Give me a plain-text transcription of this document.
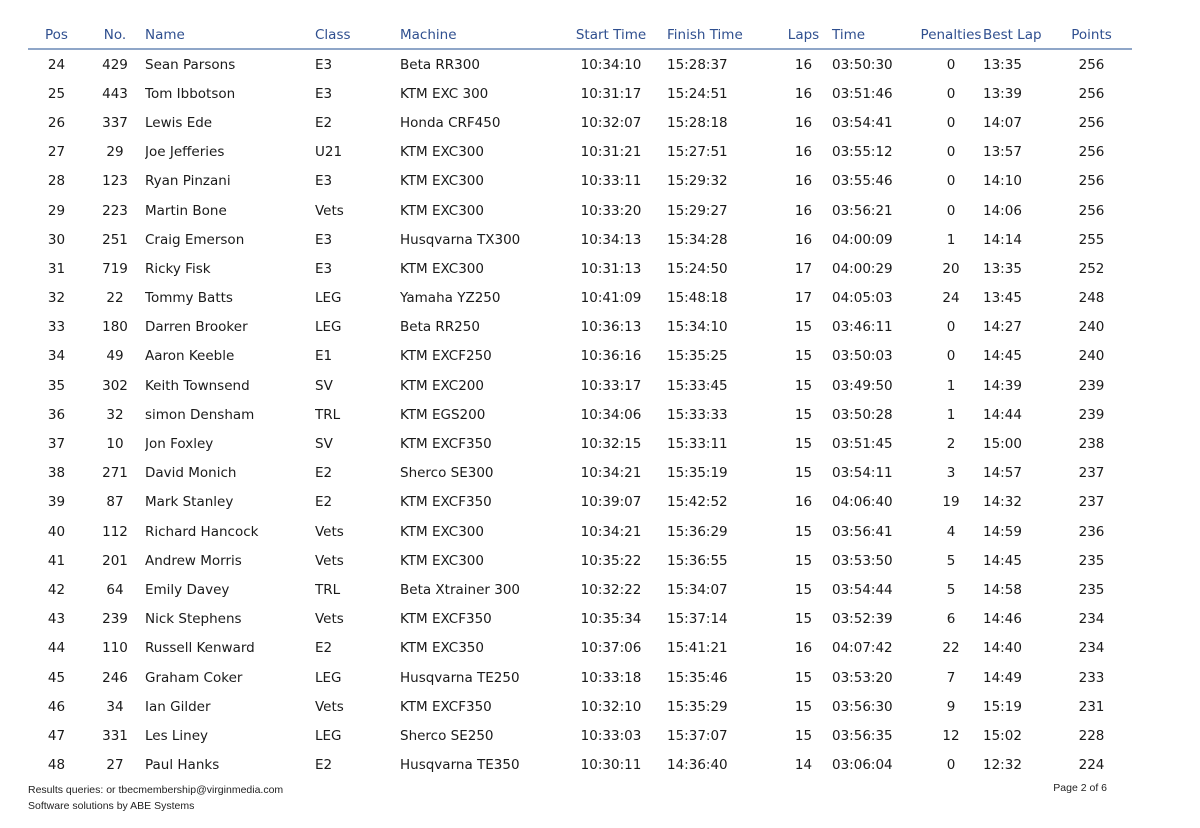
Pos	No.	Name	Class	Machine	Start Time	Finish Time	Laps	Time	Penalties	Best Lap	Points
24	429	Sean Parsons	E3	Beta RR300	10:34:10	15:28:37	16	03:50:30	0	13:35	256
25	443	Tom Ibbotson	E3	KTM EXC 300	10:31:17	15:24:51	16	03:51:46	0	13:39	256
26	337	Lewis Ede	E2	Honda CRF450	10:32:07	15:28:18	16	03:54:41	0	14:07	256
27	29	Joe Jefferies	U21	KTM EXC300	10:31:21	15:27:51	16	03:55:12	0	13:57	256
28	123	Ryan Pinzani	E3	KTM EXC300	10:33:11	15:29:32	16	03:55:46	0	14:10	256
29	223	Martin Bone	Vets	KTM EXC300	10:33:20	15:29:27	16	03:56:21	0	14:06	256
30	251	Craig Emerson	E3	Husqvarna TX300	10:34:13	15:34:28	16	04:00:09	1	14:14	255
31	719	Ricky Fisk	E3	KTM EXC300	10:31:13	15:24:50	17	04:00:29	20	13:35	252
32	22	Tommy Batts	LEG	Yamaha YZ250	10:41:09	15:48:18	17	04:05:03	24	13:45	248
33	180	Darren Brooker	LEG	Beta RR250	10:36:13	15:34:10	15	03:46:11	0	14:27	240
34	49	Aaron Keeble	E1	KTM EXCF250	10:36:16	15:35:25	15	03:50:03	0	14:45	240
35	302	Keith Townsend	SV	KTM EXC200	10:33:17	15:33:45	15	03:49:50	1	14:39	239
36	32	simon Densham	TRL	KTM EGS200	10:34:06	15:33:33	15	03:50:28	1	14:44	239
37	10	Jon Foxley	SV	KTM EXCF350	10:32:15	15:33:11	15	03:51:45	2	15:00	238
38	271	David Monich	E2	Sherco SE300	10:34:21	15:35:19	15	03:54:11	3	14:57	237
39	87	Mark Stanley	E2	KTM EXCF350	10:39:07	15:42:52	16	04:06:40	19	14:32	237
40	112	Richard Hancock	Vets	KTM EXC300	10:34:21	15:36:29	15	03:56:41	4	14:59	236
41	201	Andrew Morris	Vets	KTM EXC300	10:35:22	15:36:55	15	03:53:50	5	14:45	235
42	64	Emily Davey	TRL	Beta Xtrainer 300	10:32:22	15:34:07	15	03:54:44	5	14:58	235
43	239	Nick Stephens	Vets	KTM EXCF350	10:35:34	15:37:14	15	03:52:39	6	14:46	234
44	110	Russell Kenward	E2	KTM EXC350	10:37:06	15:41:21	16	04:07:42	22	14:40	234
45	246	Graham Coker	LEG	Husqvarna TE250	10:33:18	15:35:46	15	03:53:20	7	14:49	233
46	34	Ian Gilder	Vets	KTM EXCF350	10:32:10	15:35:29	15	03:56:30	9	15:19	231
47	331	Les Liney	LEG	Sherco SE250	10:33:03	15:37:07	15	03:56:35	12	15:02	228
48	27	Paul Hanks	E2	Husqvarna TE350	10:30:11	14:36:40	14	03:06:04	0	12:32	224
Results queries: or tbecmembership@virginmedia.com
Software solutions by ABE Systems
Page 2 of 6
